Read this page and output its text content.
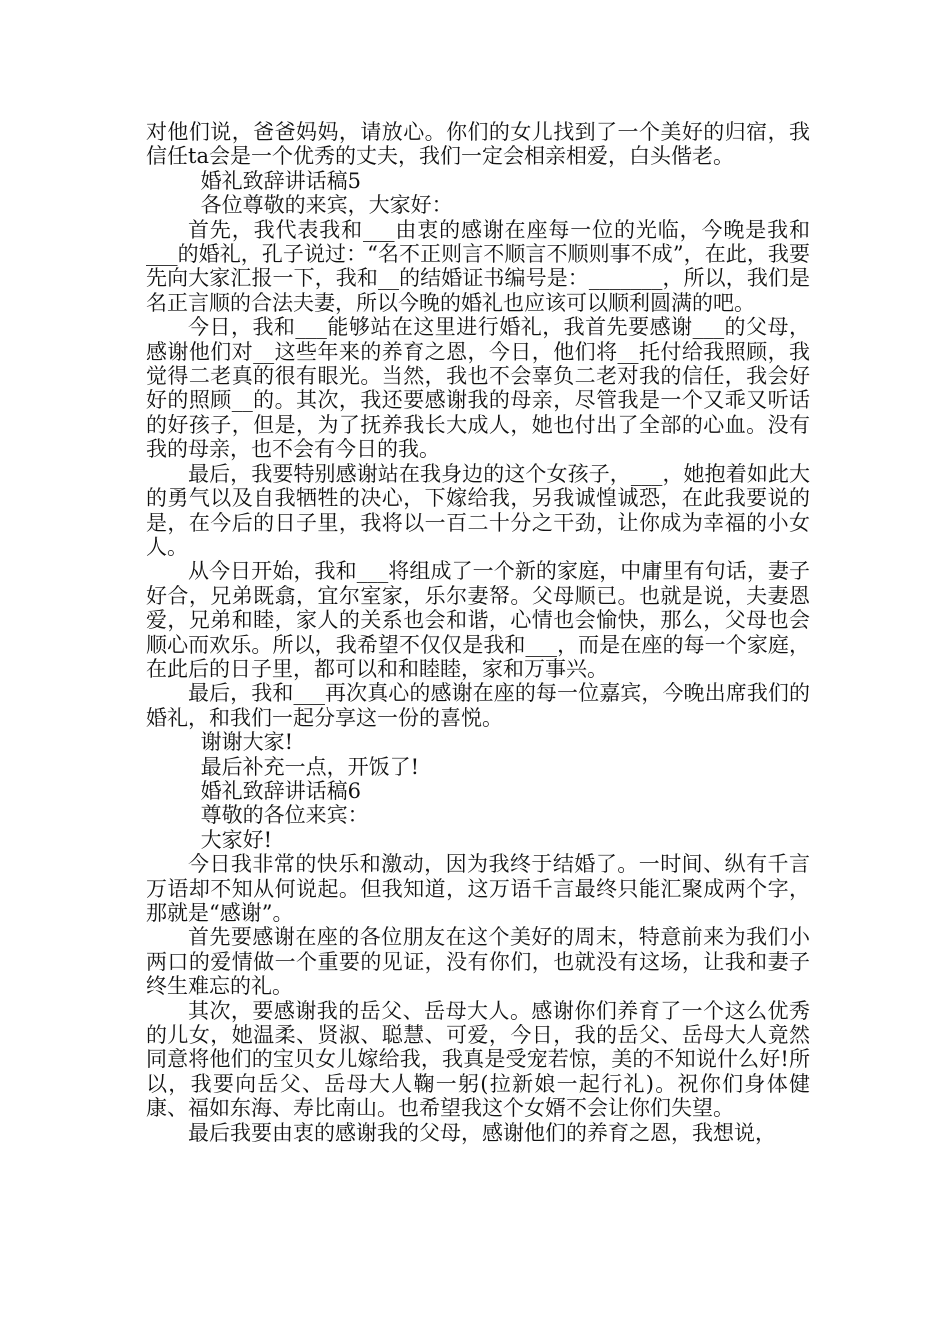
对他们说，爸爸妈妈，请放心。你们的女儿找到了一个美好的归宿，我信任ta会是一个优秀的丈夫，我们一定会相亲相爱，白头偕老。

婚礼致辞讲话稿5

各位尊敬的来宾，大家好：

首先，我代表我和___由衷的感谢在座每一位的光临，今晚是我和___的婚礼，孔子说过：“名不正则言不顺言不顺则事不成”，在此，我要先向大家汇报一下，我和__的结婚证书编号是：_______，所以，我们是名正言顺的合法夫妻，所以今晚的婚礼也应该可以顺利圆满的吧。

今日，我和___能够站在这里进行婚礼，我首先要感谢___的父母，感谢他们对__这些年来的养育之恩，今日，他们将__托付给我照顾，我觉得二老真的很有眼光。当然，我也不会辜负二老对我的信任，我会好好的照顾__的。其次，我还要感谢我的母亲，尽管我是一个又乖又听话的好孩子，但是，为了抚养我长大成人，她也付出了全部的心血。没有我的母亲，也不会有今日的我。

最后，我要特别感谢站在我身边的这个女孩子，___，她抱着如此大的勇气以及自我牺牲的决心，下嫁给我，另我诚惶诚恐，在此我要说的是，在今后的日子里，我将以一百二十分之干劲，让你成为幸福的小女人。

从今日开始，我和___将组成了一个新的家庭，中庸里有句话，妻子好合，兄弟既翕，宜尔室家，乐尔妻帑。父母顺已。也就是说，夫妻恩爱，兄弟和睦，家人的关系也会和谐，心情也会愉快，那么，父母也会顺心而欢乐。所以，我希望不仅仅是我和___，而是在座的每一个家庭，在此后的日子里，都可以和和睦睦，家和万事兴。

最后，我和___再次真心的感谢在座的每一位嘉宾，今晚出席我们的婚礼，和我们一起分享这一份的喜悦。

谢谢大家!

最后补充一点，开饭了!

婚礼致辞讲话稿6

尊敬的各位来宾：

大家好!

今日我非常的快乐和激动，因为我终于结婚了。一时间、纵有千言万语却不知从何说起。但我知道，这万语千言最终只能汇聚成两个字，那就是“感谢”。

首先要感谢在座的各位朋友在这个美好的周末，特意前来为我们小两口的爱情做一个重要的见证，没有你们，也就没有这场，让我和妻子终生难忘的礼。

其次，要感谢我的岳父、岳母大人。感谢你们养育了一个这么优秀的儿女，她温柔、贤淑、聪慧、可爱，今日，我的岳父、岳母大人竟然同意将他们的宝贝女儿嫁给我，我真是受宠若惊，美的不知说什么好!所以，我要向岳父、岳母大人鞠一躬(拉新娘一起行礼)。祝你们身体健康、福如东海、寿比南山。也希望我这个女婿不会让你们失望。

最后我要由衷的感谢我的父母，感谢他们的养育之恩，我想说，
